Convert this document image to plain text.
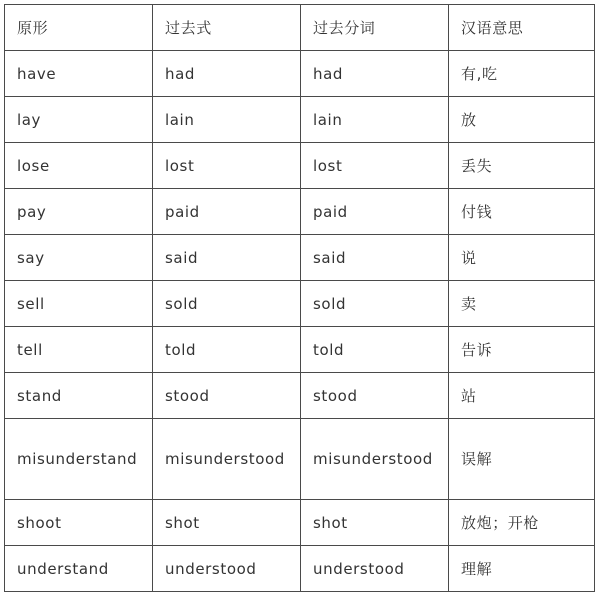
原形	过去式	过去分词	汉语意思
have	had	had	有,吃
lay	lain	lain	放
lose	lost	lost	丢失
pay	paid	paid	付钱
say	said	said	说
sell	sold	sold	卖
tell	told	told	告诉
stand	stood	stood	站
misunderstand	misunderstood	misunderstood	误解
shoot	shot	shot	放炮；开枪
understand	understood	understood	理解
